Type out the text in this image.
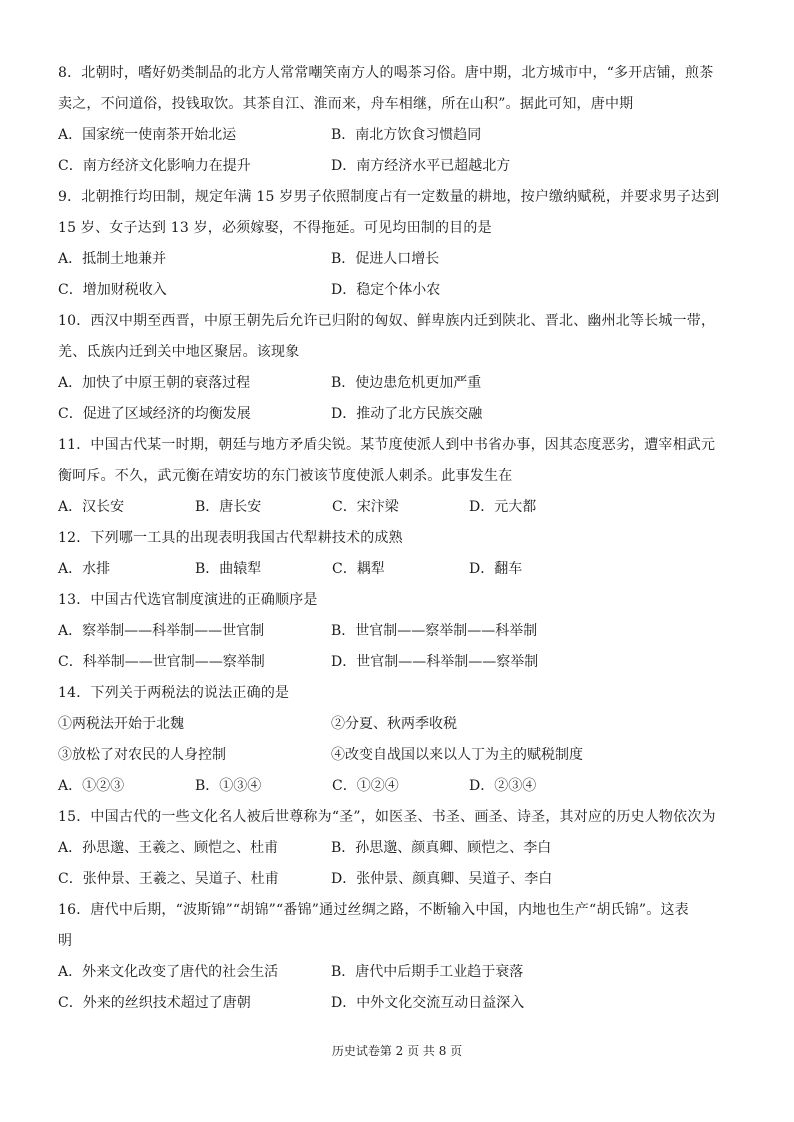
8．北朝时，嗜好奶类制品的北方人常常嘲笑南方人的喝茶习俗。唐中期，北方城市中，“多开店铺，煎茶
卖之，不问道俗，投钱取饮。其茶自江、淮而来，舟车相继，所在山积”。据此可知，唐中期
A．国家统一使南茶开始北运	B．南北方饮食习惯趋同
C．南方经济文化影响力在提升	D．南方经济水平已超越北方
9．北朝推行均田制，规定年满 15 岁男子依照制度占有一定数量的耕地，按户缴纳赋税，并要求男子达到
15 岁、女子达到 13 岁，必须嫁娶，不得拖延。可见均田制的目的是
A．抵制土地兼并	B．促进人口增长
C．增加财税收入	D．稳定个体小农
10．西汉中期至西晋，中原王朝先后允许已归附的匈奴、鲜卑族内迁到陕北、晋北、幽州北等长城一带，
羌、氐族内迁到关中地区聚居。该现象
A．加快了中原王朝的衰落过程	B．使边患危机更加严重
C．促进了区域经济的均衡发展	D．推动了北方民族交融
11．中国古代某一时期，朝廷与地方矛盾尖锐。某节度使派人到中书省办事，因其态度恶劣，遭宰相武元
衡呵斥。不久，武元衡在靖安坊的东门被该节度使派人刺杀。此事发生在
A．汉长安	B．唐长安	C．宋汴梁	D．元大都
12．下列哪一工具的出现表明我国古代犁耕技术的成熟
A．水排	B．曲辕犁	C．耦犁	D．翻车
13．中国古代选官制度演进的正确顺序是
A．察举制——科举制——世官制	B．世官制——察举制——科举制
C．科举制——世官制——察举制	D．世官制——科举制——察举制
14．下列关于两税法的说法正确的是
①两税法开始于北魏	②分夏、秋两季收税
③放松了对农民的人身控制	④改变自战国以来以人丁为主的赋税制度
A．①②③	B．①③④	C．①②④	D．②③④
15．中国古代的一些文化名人被后世尊称为“圣”，如医圣、书圣、画圣、诗圣，其对应的历史人物依次为
A．孙思邈、王羲之、顾恺之、杜甫	B．孙思邈、颜真卿、顾恺之、李白
C．张仲景、王羲之、吴道子、杜甫	D．张仲景、颜真卿、吴道子、李白
16．唐代中后期，“波斯锦”“胡锦”“番锦”通过丝绸之路，不断输入中国，内地也生产“胡氏锦”。这表
明
A．外来文化改变了唐代的社会生活	B．唐代中后期手工业趋于衰落
C．外来的丝织技术超过了唐朝	D．中外文化交流互动日益深入
历史试卷第 2 页 共 8 页
